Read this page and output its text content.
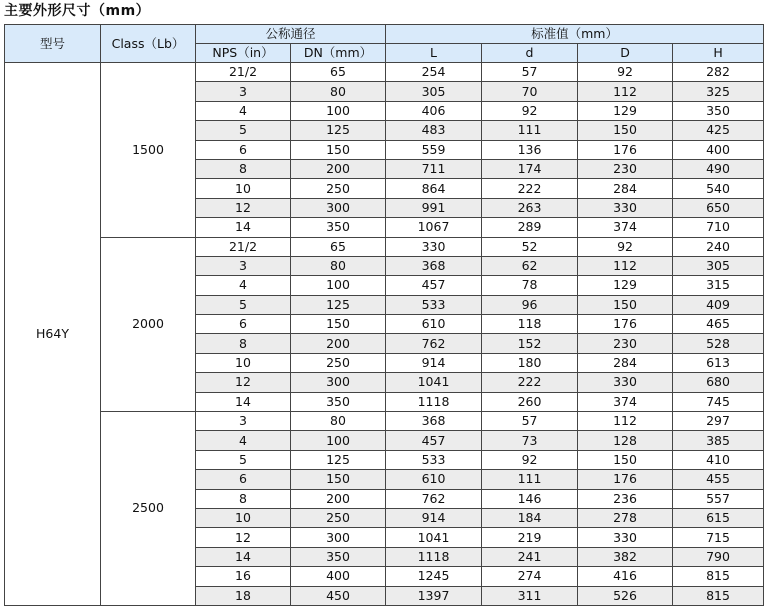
主要外形尺寸（mm）
型号	Class（Lb）	公称通径		标准值（mm）			
		NPS（in）	DN（mm）	L	d	D	H
H64Y	1500	21/2	65	254	57	92	282
		3	80	305	70	112	325
		4	100	406	92	129	350
		5	125	483	111	150	425
		6	150	559	136	176	400
		8	200	711	174	230	490
		10	250	864	222	284	540
		12	300	991	263	330	650
		14	350	1067	289	374	710
	2000	21/2	65	330	52	92	240
		3	80	368	62	112	305
		4	100	457	78	129	315
		5	125	533	96	150	409
		6	150	610	118	176	465
		8	200	762	152	230	528
		10	250	914	180	284	613
		12	300	1041	222	330	680
		14	350	1118	260	374	745
	2500	3	80	368	57	112	297
		4	100	457	73	128	385
		5	125	533	92	150	410
		6	150	610	111	176	455
		8	200	762	146	236	557
		10	250	914	184	278	615
		12	300	1041	219	330	715
		14	350	1118	241	382	790
		16	400	1245	274	416	815
		18	450	1397	311	526	815
